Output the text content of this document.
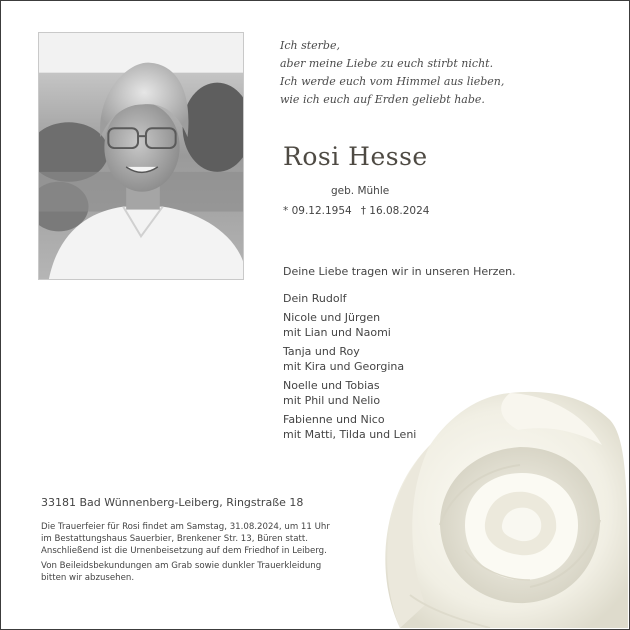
Ich sterbe,
aber meine Liebe zu euch stirbt nicht.
Ich werde euch vom Himmel aus lieben,
wie ich euch auf Erden geliebt habe.
Rosi Hesse
geb. Mühle
* 09.12.1954 † 16.08.2024
Deine Liebe tragen wir in unseren Herzen.
Dein Rudolf
Nicole und Jürgen
mit Lian und Naomi
Tanja und Roy
mit Kira und Georgina
Noelle und Tobias
mit Phil und Nelio
Fabienne und Nico
mit Matti, Tilda und Leni
33181 Bad Wünnenberg-Leiberg, Ringstraße 18
Die Trauerfeier für Rosi findet am Samstag, 31.08.2024, um 11 Uhr
im Bestattungshaus Sauerbier, Brenkener Str. 13, Büren statt.
Anschließend ist die Urnenbeisetzung auf dem Friedhof in Leiberg.
Von Beileidsbekundungen am Grab sowie dunkler Trauerkleidung
bitten wir abzusehen.
